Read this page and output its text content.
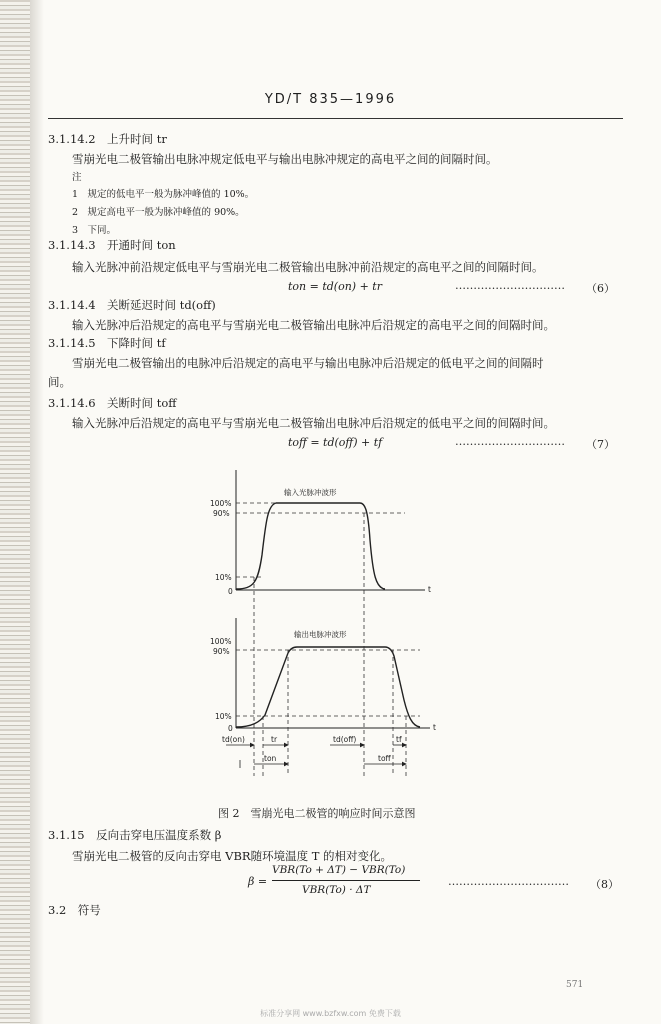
YD/T 835—1996
3.1.14.2　上升时间 tr
雪崩光电二极管输出电脉冲规定低电平与输出电脉冲规定的高电平之间的间隔时间。
注
1　规定的低电平一般为脉冲峰值的 10%。
2　规定高电平一般为脉冲峰值的 90%。
3　下同。
3.1.14.3　开通时间 ton
输入光脉冲前沿规定低电平与雪崩光电二极管输出电脉冲前沿规定的高电平之间的间隔时间。
ton = td(on) + tr	………………………… （6）
3.1.14.4　关断延迟时间 td(off)
输入光脉冲后沿规定的高电平与雪崩光电二极管输出电脉冲后沿规定的高电平之间的间隔时间。
3.1.14.5　下降时间 tf
雪崩光电二极管输出的电脉冲后沿规定的高电平与输出电脉冲后沿规定的低电平之间的间隔时
间。
3.1.14.6　关断时间 toff
输入光脉冲后沿规定的高电平与雪崩光电二极管输出电脉冲后沿规定的低电平之间的间隔时间。
toff = td(off) + tf	………………………… （7）
输入光脉冲波形
100%
90%
10%
0	t
输出电脉冲波形
100%
90%
10%
0	t
td(on)	tr	td(off)	tf
ton	toff
图 2　雪崩光电二极管的响应时间示意图
3.1.15　反向击穿电压温度系数 β
雪崩光电二极管的反向击穿电 VBR随环境温度 T 的相对变化。
β =
VBR(To + ΔT) − VBR(To)
VBR(To) · ΔT
…………………………… （8）
3.2　符号
571
标准分享网 www.bzfxw.com 免费下载
